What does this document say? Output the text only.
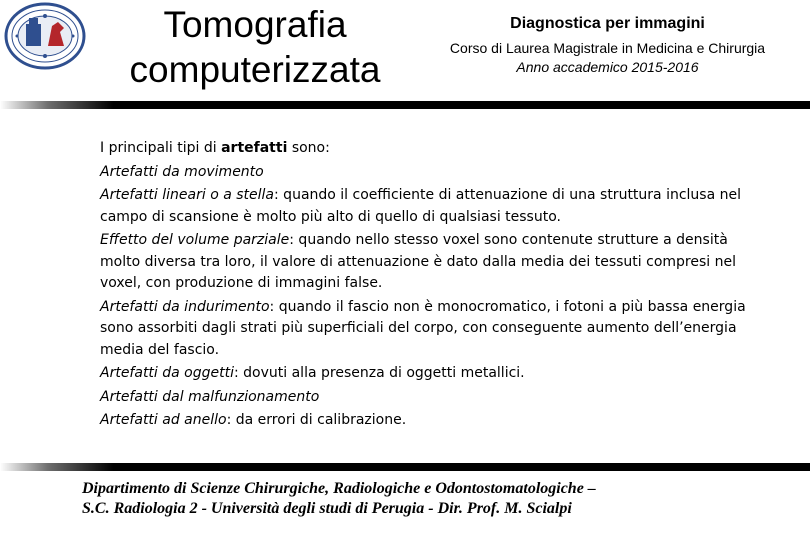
Tomografia
computerizzata
Diagnostica per immagini
Corso di Laurea Magistrale in Medicina e Chirurgia
Anno accademico 2015-2016

I principali tipi di artefatti sono:

Artefatti da movimento

Artefatti lineari o a stella: quando il coefficiente di attenuazione di una struttura inclusa nel campo di scansione è molto più alto di quello di qualsiasi tessuto.

Effetto del volume parziale: quando nello stesso voxel sono contenute strutture a densità molto diversa tra loro, il valore di attenuazione è dato dalla media dei tessuti compresi nel voxel, con produzione di immagini false.

Artefatti da indurimento: quando il fascio non è monocromatico, i fotoni a più bassa energia sono assorbiti dagli strati più superficiali del corpo, con conseguente aumento dell’energia media del fascio.

Artefatti da oggetti: dovuti alla presenza di oggetti metallici.

Artefatti dal malfunzionamento

Artefatti ad anello: da errori di calibrazione.

Dipartimento di Scienze Chirurgiche, Radiologiche e Odontostomatologiche –
S.C. Radiologia 2 - Università degli studi di Perugia - Dir. Prof. M. Scialpi
